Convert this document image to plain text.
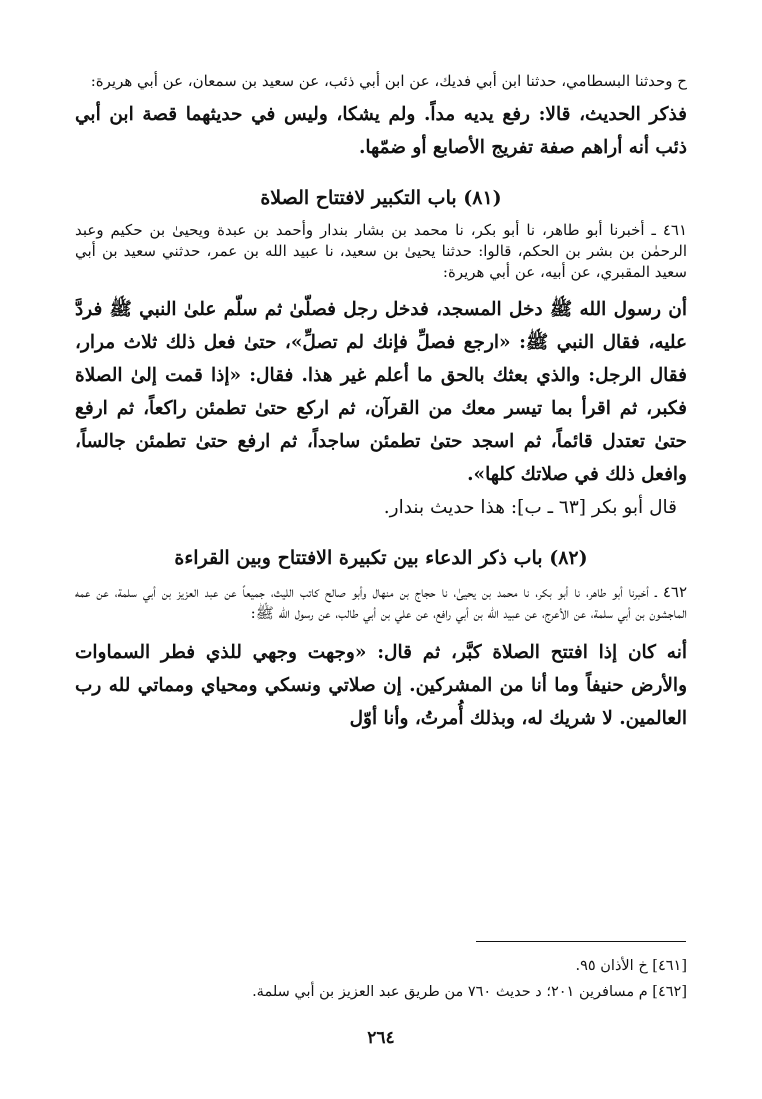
ح وحدثنا البسطامي، حدثنا ابن أبي فديك، عن ابن أبي ذئب، عن سعيد بن سمعان، عن أبي هريرة:

فذكر الحديث، قالا: رفع يديه مداً. ولم يشكا، وليس في حديثهما قصة ابن أبي ذئب أنه أراهم صفة تفريج الأصابع أو ضمّها.

(٨١) باب التكبير لافتتاح الصلاة

٤٦١ ـ أخبرنا أبو طاهر، نا أبو بكر، نا محمد بن بشار بندار وأحمد بن عبدة ويحيىٰ بن حكيم وعبد الرحمٰن بن بشر بن الحكم، قالوا: حدثنا يحيىٰ بن سعيد، نا عبيد الله بن عمر، حدثني سعيد بن أبي سعيد المقبري، عن أبيه، عن أبي هريرة:

أن رسول الله ﷺ دخل المسجد، فدخل رجل فصلّىٰ ثم سلّم علىٰ النبي ﷺ فردَّ عليه، فقال النبي ﷺ: «ارجع فصلِّ فإنك لم تصلِّ»، حتىٰ فعل ذلك ثلاث مرار، فقال الرجل: والذي بعثك بالحق ما أعلم غير هذا. فقال: «إذا قمت إلىٰ الصلاة فكبر، ثم اقرأ بما تيسر معك من القرآن، ثم اركع حتىٰ تطمئن راكعاً، ثم ارفع حتىٰ تعتدل قائماً، ثم اسجد حتىٰ تطمئن ساجداً، ثم ارفع حتىٰ تطمئن جالساً، وافعل ذلك في صلاتك كلها».

قال أبو بكر [٦٣ ـ ب]: هذا حديث بندار.

(٨٢) باب ذكر الدعاء بين تكبيرة الافتتاح وبين القراءة

٤٦٢ ـ أخبرنا أبو طاهر، نا أبو بكر، نا محمد بن يحيىٰ، نا حجاج بن منهال وأبو صالح كاتب الليث، جميعاً عن عبد العزيز بن أبي سلمة، عن عمه الماجشون بن أبي سلمة، عن الأعرج، عن عبيد الله بن أبي رافع، عن علي بن أبي طالب، عن رسول الله ﷺ:

أنه كان إذا افتتح الصلاة كبَّر، ثم قال: «وجهت وجهي للذي فطر السماوات والأرض حنيفاً وما أنا من المشركين. إن صلاتي ونسكي ومحياي ومماتي لله رب العالمين. لا شريك له، وبذلك أُمرتُ، وأنا أوّل

[٤٦١] خ الأذان ٩٥.

[٤٦٢] م مسافرين ٢٠١؛ د حديث ٧٦٠ من طريق عبد العزيز بن أبي سلمة.

٢٦٤
